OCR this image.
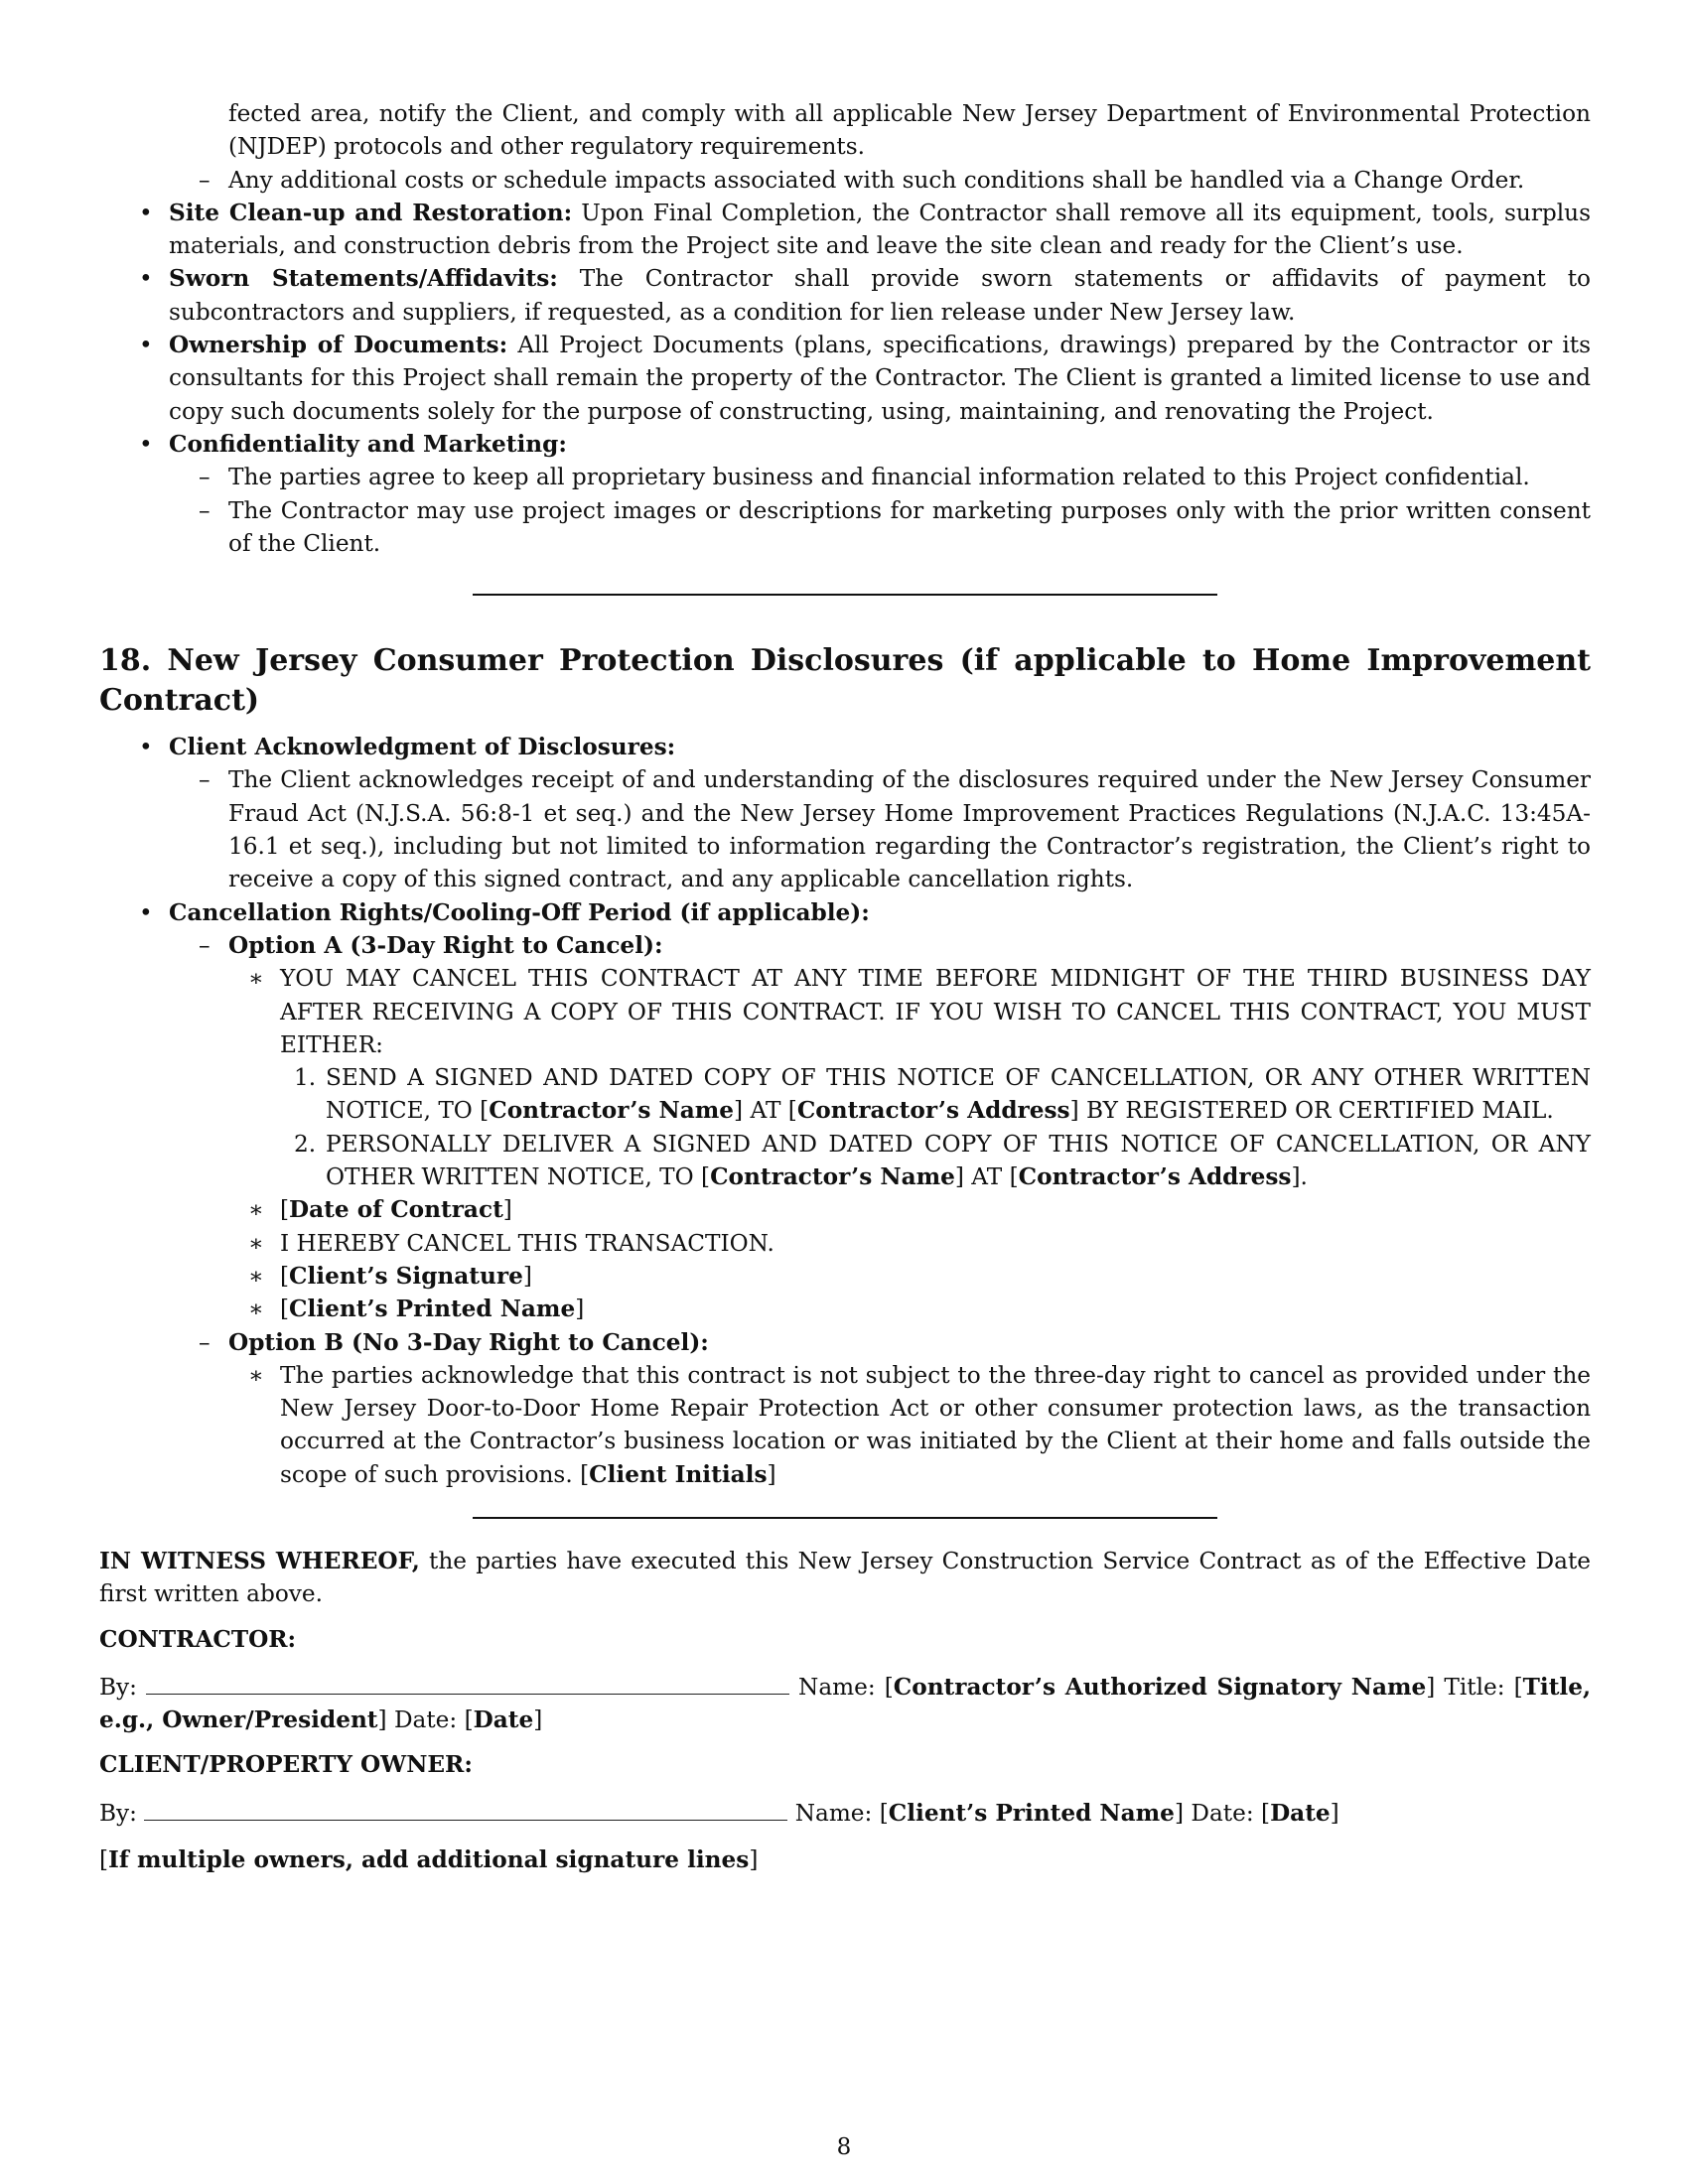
fected area, notify the Client, and comply with all applicable New Jersey Department of Environmental Protection (NJDEP) protocols and other regulatory requirements.
– Any additional costs or schedule impacts associated with such conditions shall be handled via a Change Order.
• Site Clean-up and Restoration: Upon Final Completion, the Contractor shall remove all its equipment, tools, surplus materials, and construction debris from the Project site and leave the site clean and ready for the Client’s use.
• Sworn Statements/Affidavits: The Contractor shall provide sworn statements or affidavits of payment to subcontractors and suppliers, if requested, as a condition for lien release under New Jersey law.
• Ownership of Documents: All Project Documents (plans, specifications, drawings) prepared by the Contractor or its consultants for this Project shall remain the property of the Contractor. The Client is granted a limited license to use and copy such documents solely for the purpose of constructing, using, maintaining, and renovating the Project.
• Confidentiality and Marketing:
– The parties agree to keep all proprietary business and financial information related to this Project confidential.
– The Contractor may use project images or descriptions for marketing purposes only with the prior written consent of the Client.
18. New Jersey Consumer Protection Disclosures (if applicable to Home Improvement Contract)
• Client Acknowledgment of Disclosures:
– The Client acknowledges receipt of and understanding of the disclosures required under the New Jersey Consumer Fraud Act (N.J.S.A. 56:8-1 et seq.) and the New Jersey Home Improvement Practices Regulations (N.J.A.C. 13:45A-16.1 et seq.), including but not limited to information regarding the Contractor’s registration, the Client’s right to receive a copy of this signed contract, and any applicable cancellation rights.
• Cancellation Rights/Cooling-Off Period (if applicable):
– Option A (3-Day Right to Cancel):
∗ YOU MAY CANCEL THIS CONTRACT AT ANY TIME BEFORE MIDNIGHT OF THE THIRD BUSINESS DAY AFTER RECEIVING A COPY OF THIS CONTRACT. IF YOU WISH TO CANCEL THIS CONTRACT, YOU MUST EITHER:
1. SEND A SIGNED AND DATED COPY OF THIS NOTICE OF CANCELLATION, OR ANY OTHER WRITTEN NOTICE, TO [Contractor’s Name] AT [Contractor’s Address] BY REGISTERED OR CERTIFIED MAIL.
2. PERSONALLY DELIVER A SIGNED AND DATED COPY OF THIS NOTICE OF CANCELLATION, OR ANY OTHER WRITTEN NOTICE, TO [Contractor’s Name] AT [Contractor’s Address].
∗ [Date of Contract]
∗ I HEREBY CANCEL THIS TRANSACTION.
∗ [Client’s Signature]
∗ [Client’s Printed Name]
– Option B (No 3-Day Right to Cancel):
∗ The parties acknowledge that this contract is not subject to the three-day right to cancel as provided under the New Jersey Door-to-Door Home Repair Protection Act or other consumer protection laws, as the transaction occurred at the Contractor’s business location or was initiated by the Client at their home and falls outside the scope of such provisions. [Client Initials]
IN WITNESS WHEREOF, the parties have executed this New Jersey Construction Service Contract as of the Effective Date first written above.
CONTRACTOR:
By:	Name: [Contractor’s Authorized Signatory Name] Title: [Title, e.g., Owner/President] Date: [Date]
CLIENT/PROPERTY OWNER:
By:	Name: [Client’s Printed Name] Date: [Date]
[If multiple owners, add additional signature lines]
8
